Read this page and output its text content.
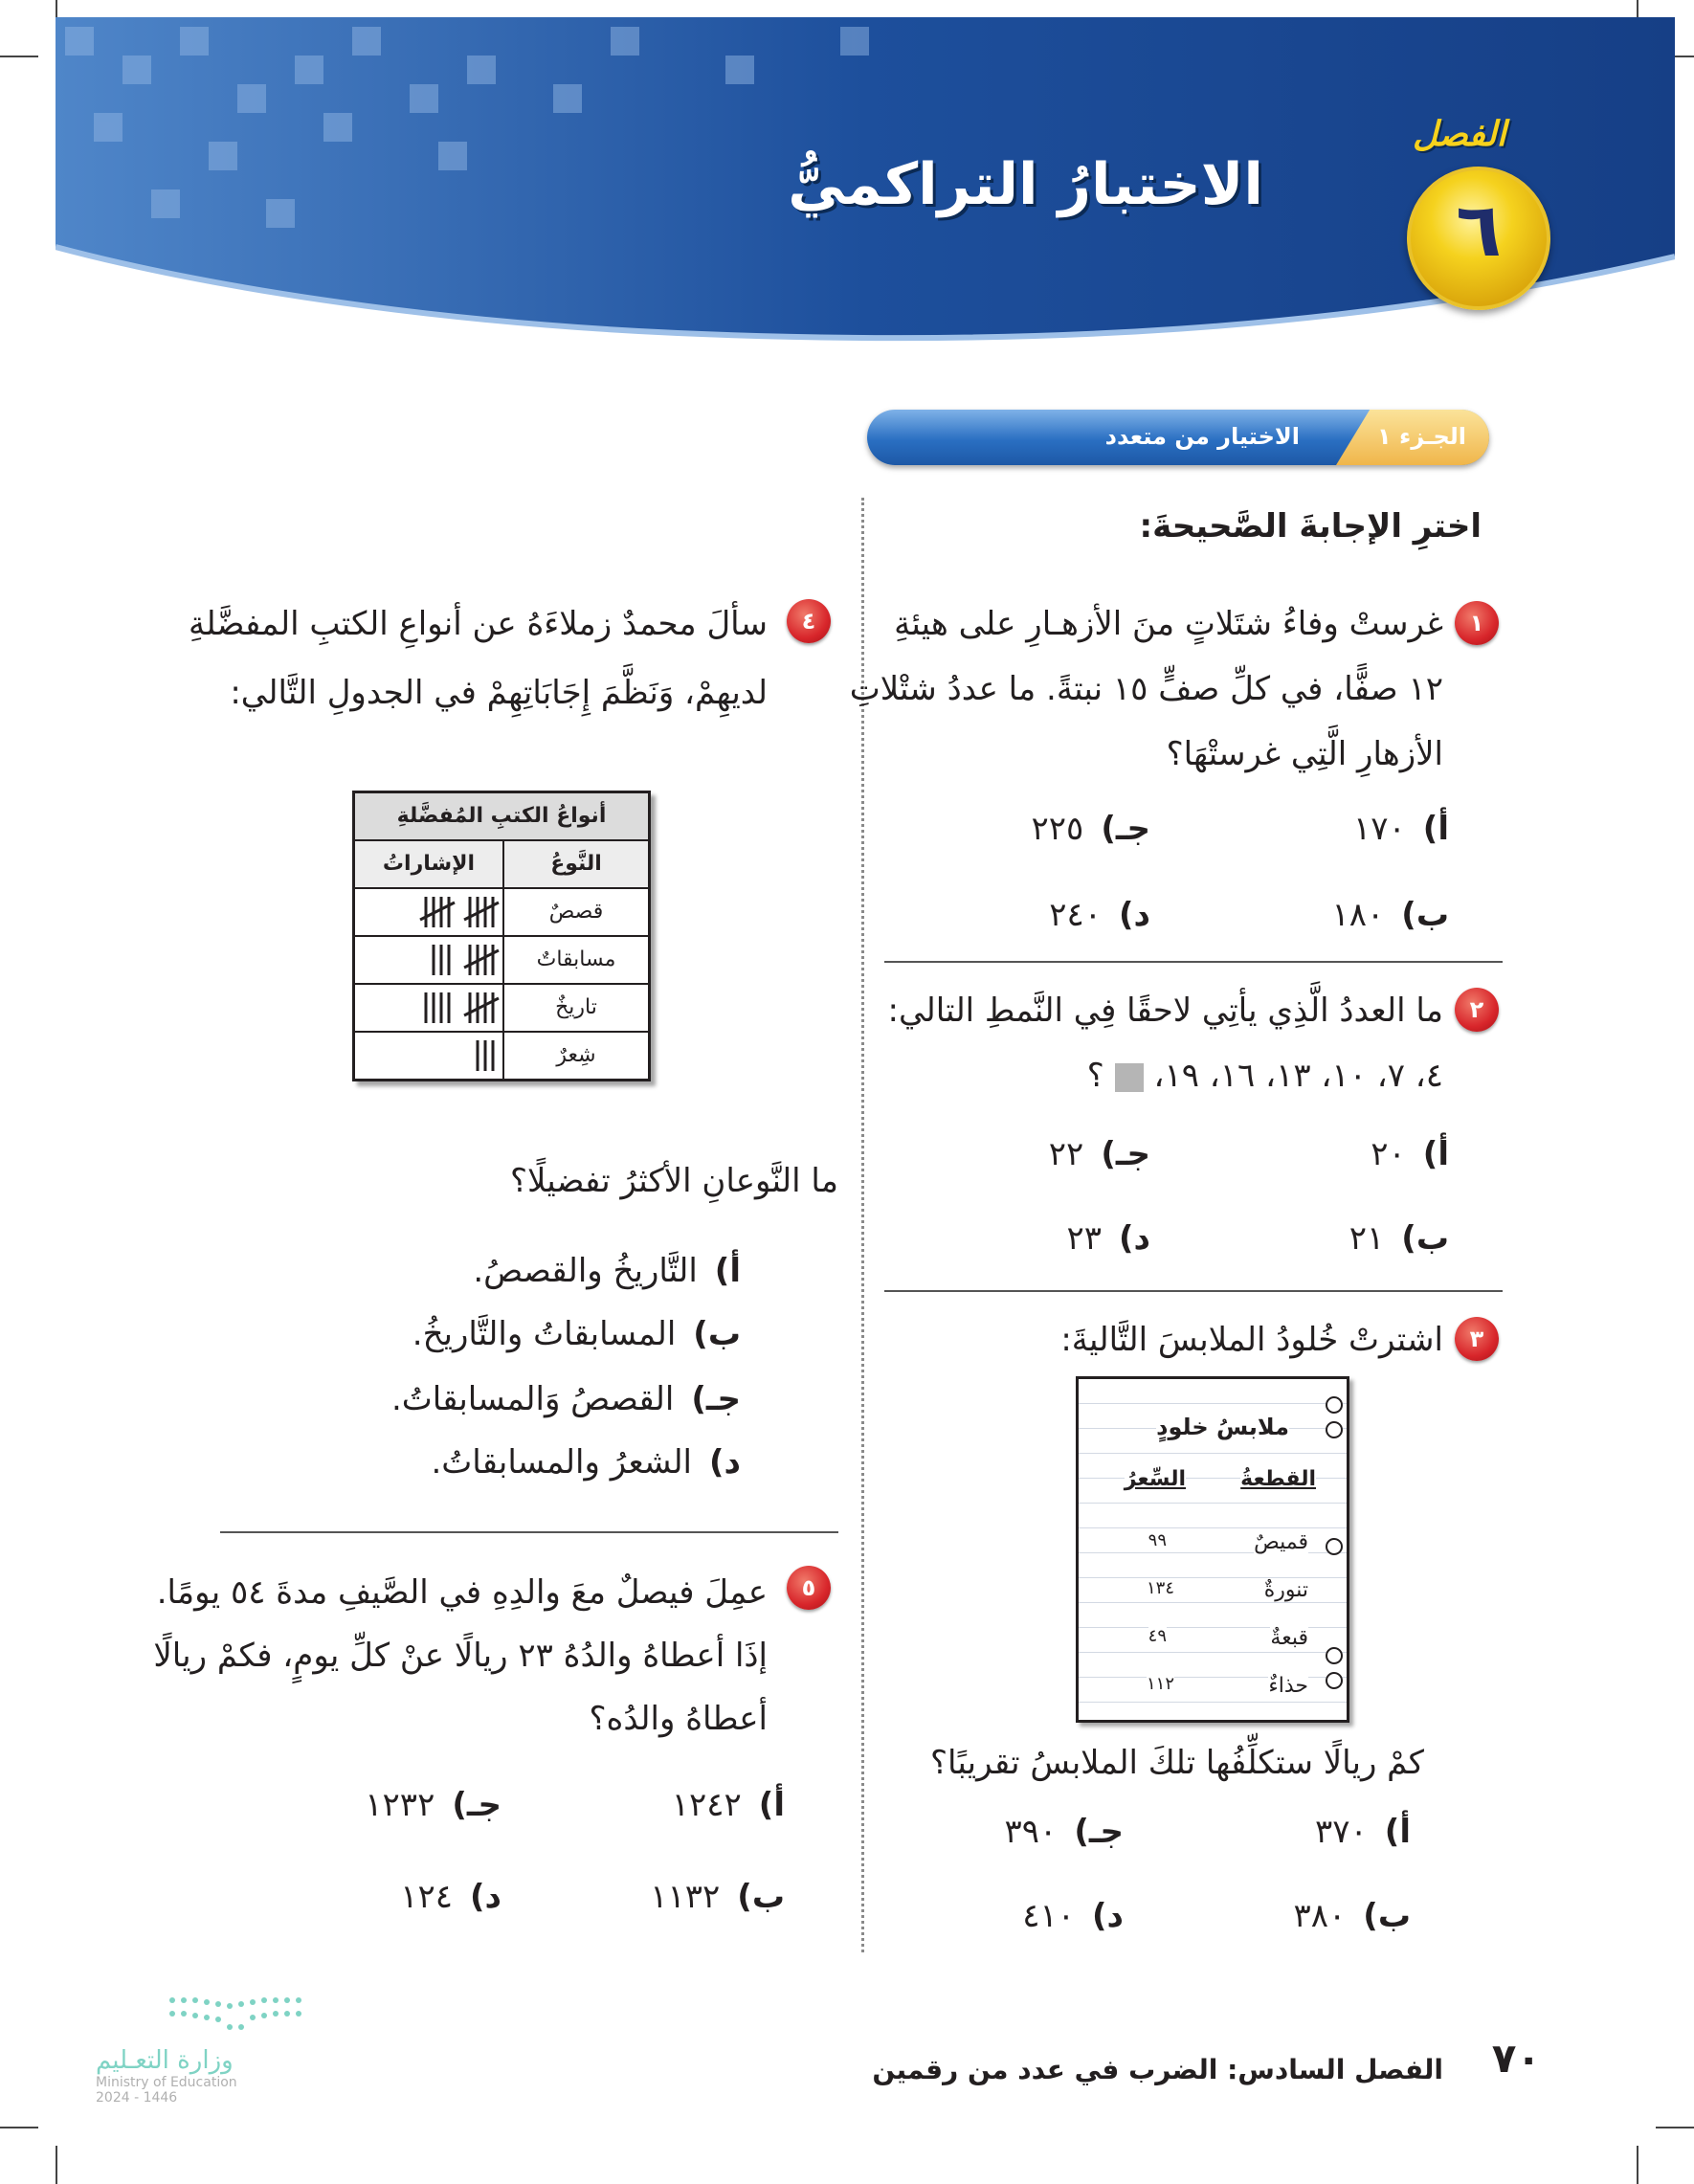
الاختبارُ التراكميُّ
الفصل
٦
الجـزء ١
الاختيار من متعدد
اخترِ الإجابةَ الصَّحيحةَ:
١
غرستْ وفاءُ شتَلاتٍ منَ الأزهـارِ على هيئةِ
١٢ صفًّا، في كلِّ صفٍّ ١٥ نبتةً. ما عددُ شتْلاتِ
الأزهارِ الَّتِي غرستْهَا؟
أ)١٧٠
جـ)٢٢٥
ب)١٨٠
د)٢٤٠
٢
ما العددُ الَّذِي يأتِي لاحقًا فِي النَّمطِ التالي:
٤، ٧، ١٠، ١٣، ١٦، ١٩،  ؟
أ)٢٠
جـ)٢٢
ب)٢١
د)٢٣
٣
اشترتْ خُلودُ الملابسَ التَّاليةَ:
ملابسُ خلودٍ
القطعةُ
السِّعرُ
قميصٌ
٩٩
تنورةٌ
١٣٤
قبعةٌ
٤٩
حذاءٌ
١١٢
كمْ ريالًا ستكلِّفُها تلكَ الملابسُ تقريبًا؟
أ)٣٧٠
جـ)٣٩٠
ب)٣٨٠
د)٤١٠
٤
سألَ محمدٌ زملاءَهُ عن أنواعِ الكتبِ المفضَّلةِ
لديهِمْ، وَنَظَّمَ إِجَابَاتِهِمْ في الجدولِ التَّالي:
أنواعُ الكتبِ المُفضَّلةِ
النَّوعُ
الإشاراتُ
قصصٌ
مسابقاتٌ
تاريخٌ
شِعرٌ
ما النَّوعانِ الأكثرُ تفضيلًا؟
أ)التَّاريخُ والقصصُ.
ب)المسابقاتُ والتَّاريخُ.
جـ)القصصُ وَالمسابقاتُ.
د)الشعرُ والمسابقاتُ.
٥
عمِلَ فيصلٌ معَ والدِهِ في الصَّيفِ مدةَ ٥٤ يومًا.
إذَا أعطاهُ والدُهُ ٢٣ ريالًا عنْ كلِّ يومٍ، فكمْ ريالًا
أعطاهُ والدُه؟
أ)١٢٤٢
جـ)١٢٣٢
ب)١١٣٢
د)١٢٤
٧٠
الفصل السادس: الضرب في عدد من رقمين
وزارة التعـليم
Ministry of Education
2024 - 1446
